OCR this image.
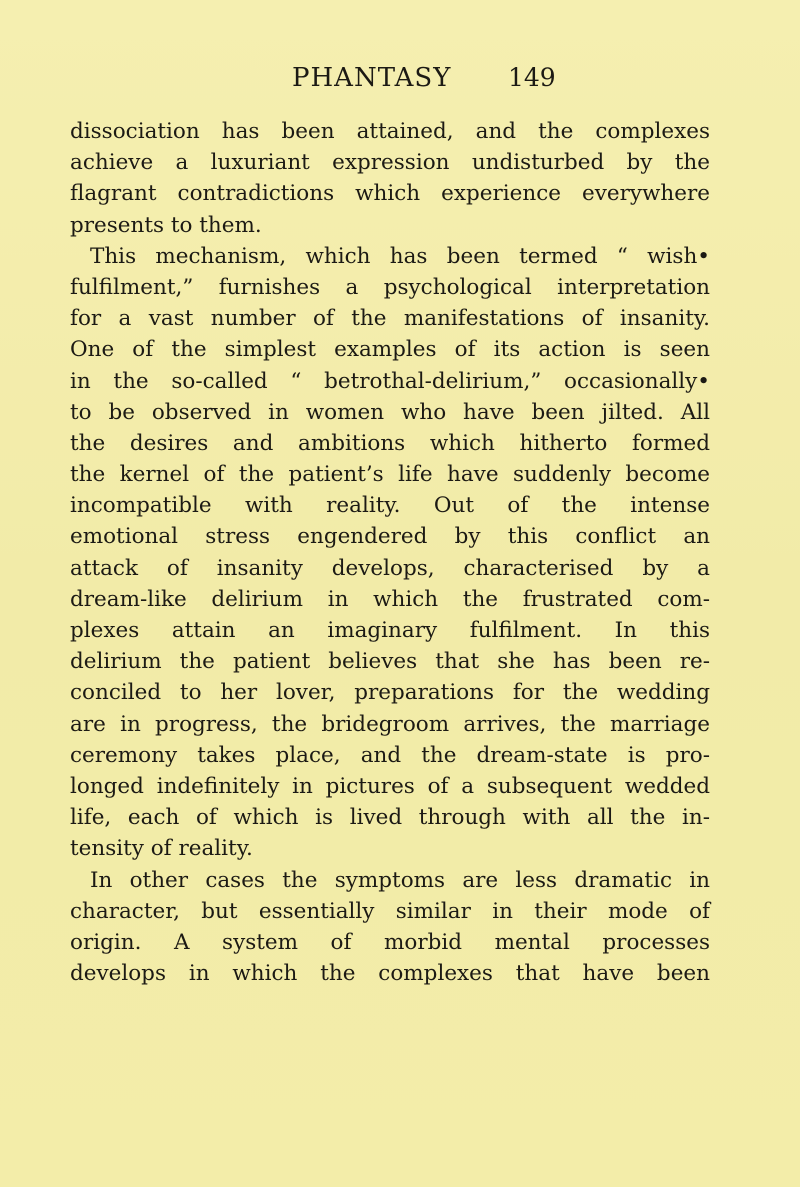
PHANTASY 149
dissociation has been attained, and the complexes
achieve a luxuriant expression undisturbed by the
flagrant contradictions which experience everywhere
presents to them.
This mechanism, which has been termed “ wish•
fulfilment,” furnishes a psychological interpretation
for a vast number of the manifestations of insanity.
One of the simplest examples of its action is seen
in the so-called “ betrothal-delirium,” occasionally•
to be observed in women who have been jilted. All
the desires and ambitions which hitherto formed
the kernel of the patient’s life have suddenly become
incompatible with reality. Out of the intense
emotional stress engendered by this conflict an
attack of insanity develops, characterised by a
dream-like delirium in which the frustrated com-
plexes attain an imaginary fulfilment. In this
delirium the patient believes that she has been re-
conciled to her lover, preparations for the wedding
are in progress, the bridegroom arrives, the marriage
ceremony takes place, and the dream-state is pro-
longed indefinitely in pictures of a subsequent wedded
life, each of which is lived through with all the in-
tensity of reality.
In other cases the symptoms are less dramatic in
character, but essentially similar in their mode of
origin. A system of morbid mental processes
develops in which the complexes that have been
